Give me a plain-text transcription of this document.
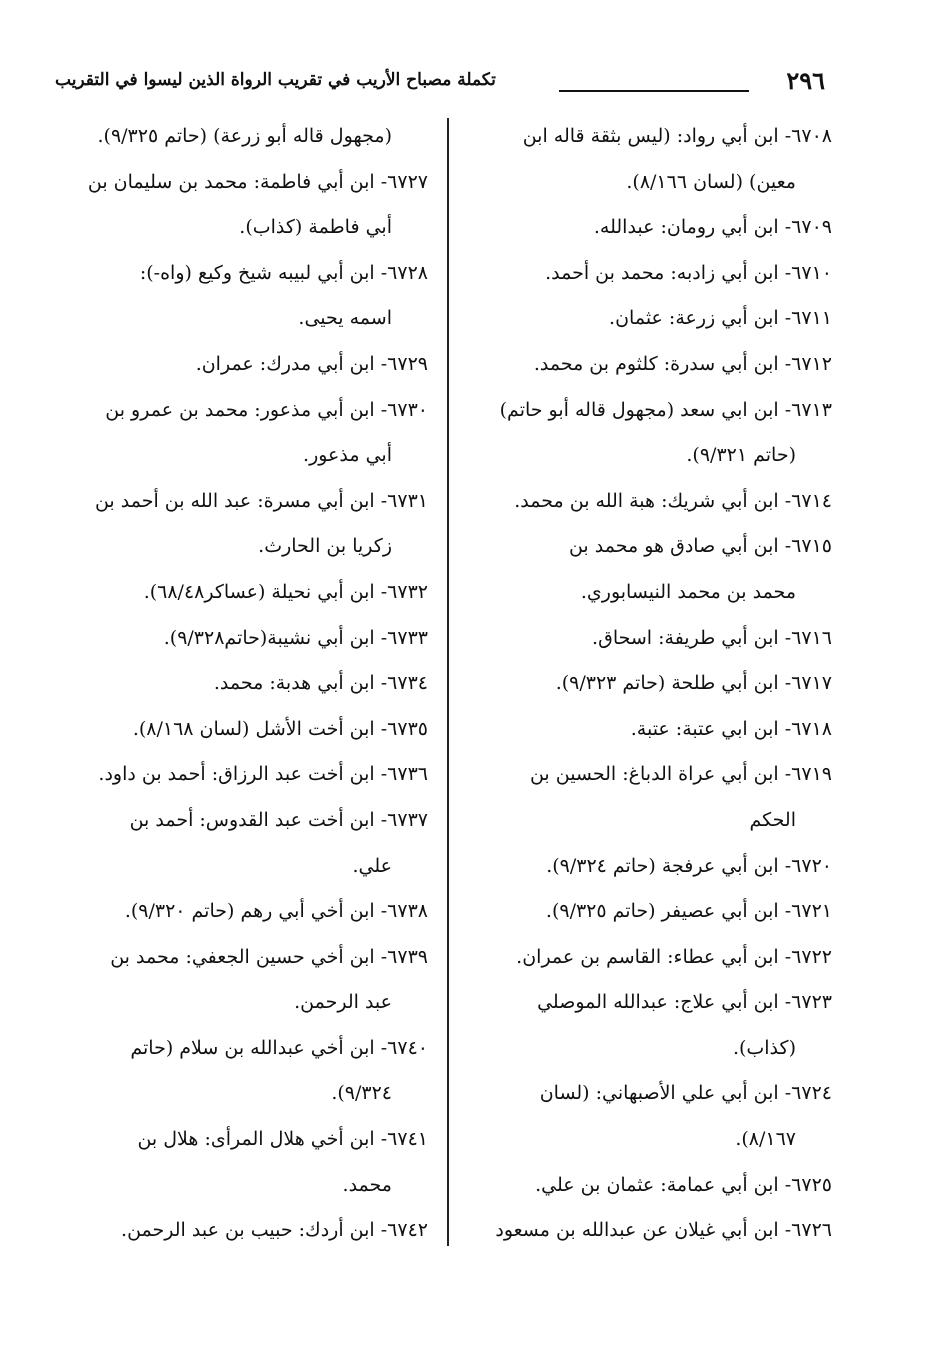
٢٩٦
تكملة مصباح الأريب في تقريب الرواة الذين ليسوا في التقريب
٦٧٠٨- ابن أبي رواد: (ليس بثقة قاله ابن
معين) (لسان ٨/١٦٦).
٦٧٠٩- ابن أبي رومان: عبدالله.
٦٧١٠- ابن أبي زادبه: محمد بن أحمد.
٦٧١١- ابن أبي زرعة: عثمان.
٦٧١٢- ابن أبي سدرة: كلثوم بن محمد.
٦٧١٣- ابن ابي سعد (مجهول قاله أبو حاتم)
(حاتم ٩/٣٢١).
٦٧١٤- ابن أبي شريك: هبة الله بن محمد.
٦٧١٥- ابن أبي صادق هو محمد بن
محمد بن محمد النيسابوري.
٦٧١٦- ابن أبي طريفة: اسحاق.
٦٧١٧- ابن أبي طلحة (حاتم ٩/٣٢٣).
٦٧١٨- ابن ابي عتبة: عتبة.
٦٧١٩- ابن أبي عراة الدباغ: الحسين بن
الحكم
٦٧٢٠- ابن أبي عرفجة (حاتم ٩/٣٢٤).
٦٧٢١- ابن أبي عصيفر (حاتم ٩/٣٢٥).
٦٧٢٢- ابن أبي عطاء: القاسم بن عمران.
٦٧٢٣- ابن أبي علاج: عبدالله الموصلي
(كذاب).
٦٧٢٤- ابن أبي علي الأصبهاني: (لسان
٨/١٦٧).
٦٧٢٥- ابن أبي عمامة: عثمان بن علي.
٦٧٢٦- ابن أبي غيلان عن عبدالله بن مسعود
(مجهول قاله أبو زرعة) (حاتم ٩/٣٢٥).
٦٧٢٧- ابن أبي فاطمة: محمد بن سليمان بن
أبي فاطمة (كذاب).
٦٧٢٨- ابن أبي لبيبه شيخ وكيع (واه-):
اسمه يحيى.
٦٧٢٩- ابن أبي مدرك: عمران.
٦٧٣٠- ابن أبي مذعور: محمد بن عمرو بن
أبي مذعور.
٦٧٣١- ابن أبي مسرة: عبد الله بن أحمد بن
زكريا بن الحارث.
٦٧٣٢- ابن أبي نحيلة (عساكر٦٨/٤٨).
٦٧٣٣- ابن أبي نشيبة(حاتم٩/٣٢٨).
٦٧٣٤- ابن أبي هدبة: محمد.
٦٧٣٥- ابن أخت الأشل (لسان ٨/١٦٨).
٦٧٣٦- ابن أخت عبد الرزاق: أحمد بن داود.
٦٧٣٧- ابن أخت عبد القدوس: أحمد بن
علي.
٦٧٣٨- ابن أخي أبي رهم (حاتم ٩/٣٢٠).
٦٧٣٩- ابن أخي حسين الجعفي: محمد بن
عبد الرحمن.
٦٧٤٠- ابن أخي عبدالله بن سلام (حاتم
٩/٣٢٤).
٦٧٤١- ابن أخي هلال المرأى: هلال بن
محمد.
٦٧٤٢- ابن أردك: حبيب بن عبد الرحمن.
